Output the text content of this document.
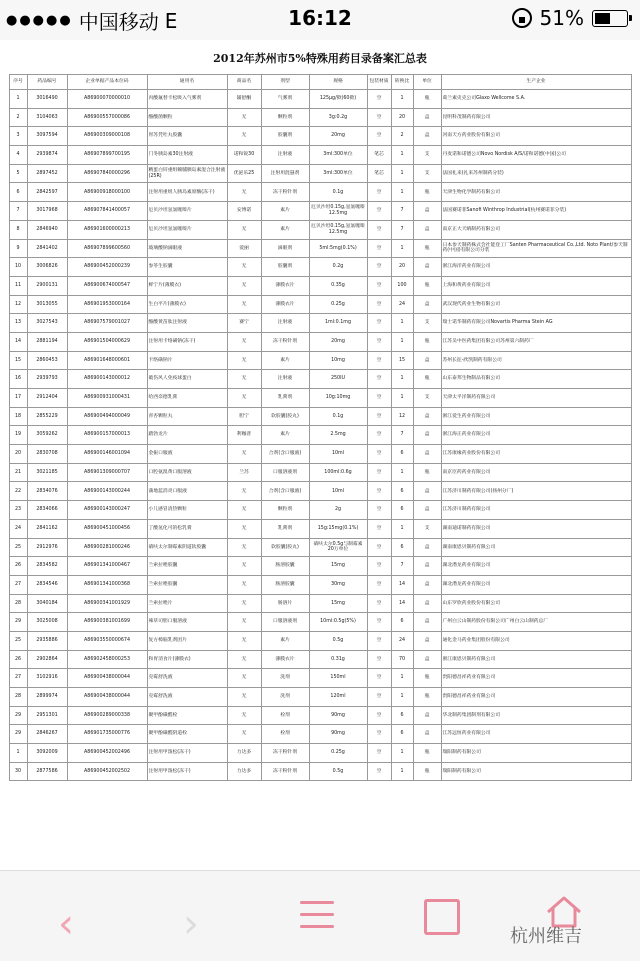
●●●●● 中国移动 E	16:12	51%
2012年苏州市5%特殊用药目录备案汇总表
序号	药品编号	企业单据产品本位码	通用名	商品名	剂型	规格	包装材质	转换比	单位	生产企业
1	3016490	A86900070000010	丙酸氟替卡松吸入气雾剂	辅舒酮	气雾剂	125μg/揿(60揿)	空	1	瓶	葛兰素史克公司Glaxo Wellcome S.A.
2	3104063	A86900557000086	酪酸菌颗粒	无	颗粒剂	3g:0.2g	空	20	盒	昆明科茂制药有限公司
3	3097594	A86900309000108	胃苏凭吐丸胶囊	无	胶囊剂	20mg	空	2	盒	河南天方药业股份有限公司
4	2939874	A86907899700195	门冬胰岛素30注射液	诺和锐30	注射液	3ml:300单位	笔芯	1	支	丹麦诺和诺德公司Novo Nordisk A/S/诺和诺德(中国)公司
5	2897452	A86907840000296	精蛋白锌重组赖脯胰岛素混合注射液(25R)	优泌乐25	注射用混悬剂	3ml:300单位	笔芯	1	支	法国礼来(礼来苏州制药分装)
6	2842597	A86900918000100	注射用重组人胰岛素原酶(冻干)	无	冻干粉针剂	0.1g	空	1	瓶	天津生物化学制药有限公司
7	3017968	A86907841400057	厄贝沙坦氢氯噻嗪片	安博诺	素片	厄贝沙坦0.15g,氢氯噻嗪12.5mg	空	7	盒	法国赛诺菲Sanofi Winthrop Industrial(杭州赛诺菲分装)
8	2846940	A86901600000213	厄贝沙坦氢氯噻嗪片	无	素片	厄贝沙坦0.15g,氢氯噻嗪12.5mg	空	7	盒	南京正大天晴制药有限公司
9	2841402	A86907899600560	玻璃酸钠滴眼液	爱丽	滴眼剂	5ml:5mg(0.1%)	空	1	瓶	日本参天制药株式会社能登工厂Santen Pharmaceutical Co.,Ltd. Noto Plant/参天制药(中国)有限公司分装
10	3006826	A86900452000239	参苓生胶囊	无	胶囊剂	0.2g	空	20	盒	浙江海洋药业有限公司
11	2900131	A86900674000547	鲜宁片(薄膜衣)	无	薄膜衣片	0.35g	空	100	瓶	上海和黄药业有限公司
12	3013055	A86901953000164	生白平片(薄膜衣)	无	薄膜衣片	0.25g	空	24	盒	武汉现代药业生物有限公司
13	3027543	A86907579001027	酪酸黄苗肽注射液	赛宁	注射液	1ml:0.1mg	空	1	支	瑞士诺华制药有限公司Novartis Pharma Stein AG
14	2881194	A86901504000629	注射用卡络磺钠(冻干)	无	冻干粉针剂	20mg	空	1	瓶	江苏吴中医药集团有限公司苏州第六制药厂
15	2860453	A86901648000601	卡络磺钠片	无	素片	10mg	空	15	盒	苏州长征-欣凯制药有限公司
16	2939793	A86900143000012	破伤风人免疫球蛋白	无	注射液	250IU	空	1	瓶	山东泰邦生物制品有限公司
17	2912404	A86900931000431	哈西奈德乳膏	无	乳膏剂	10g:10mg	空	1	支	天津太平洋制药有限公司
18	2855229	A86900494000049	青杏颗粒丸	胆宁	软胶囊(胶丸)	0.1g	空	12	盒	浙江爱生药业有限公司
19	3059262	A86900157000013	踏勃龙片	利咖普	素片	2.5mg	空	7	盒	浙江海正药业有限公司
20	2830708	A86900146001094	金振口服液	无	合剂(含口服液)	10ml	空	6	盒	江苏康缘药业股份有限公司
21	3021185	A86901309000707	口腔氨溴黄口服溶液	兰苏	口服溶液剂	100ml:0.6g	空	1	瓶	南京臣药药业有限公司
22	2834076	A86900143000244	蒲地蓝消炎口服液	无	合剂(含口服液)	10ml	空	6	盒	江苏济川制药有限公司(扬州分厂)
23	2834066	A86900143000247	小儿感冒清热颗粒	无	颗粒剂	2g	空	6	盒	江苏济川制药有限公司
24	2841162	A86900451000456	丁酸氢化可的松乳膏	无	乳膏剂	15g:15mg(0.1%)	空	1	支	湖南迪诺制药有限公司
25	2912976	A86900281000246	硝呋太尔制霉素阴道软胶囊	无	软胶囊(胶丸)	硝呋太尔0.5g与制霉素20万单位	空	6	盒	湖南康恩贝制药有限公司
26	2834582	A86901341000467	兰索拉唑胶囊	无	肠溶胶囊	15mg	空	7	盒	湖北潜龙药业有限公司
27	2834546	A86901341000368	兰索拉唑胶囊	无	肠溶胶囊	30mg	空	14	盒	湖北潜龙药业有限公司
28	3040184	A86900341001929	兰索拉唑片	无	肠溶片	15mg	空	14	盒	山东罗欣药业股份有限公司
29	3025008	A86900381001699	辣草司胆口服溶液	无	口服溶液剂	10ml:0.5g(5%)	空	6	盒	广州白云山制药股份有限公司广州白云山制药总厂
25	2935886	A86903550000674	复方樟脑乳剂团片	无	素片	0.5g	空	24	盒	通化金马药业集团股份有限公司
26	2902864	A86902458000253	和胃消食片(薄膜衣)	无	薄膜衣片	0.31g	空	70	盒	浙江康恩贝制药有限公司
27	3102916	A86900438000044	克霉舒洗液	无	洗剂	150ml	空	1	瓶	贵阳德昌祥药业有限公司
28	2899974	A86900438000044	克霉舒洗液	无	洗剂	120ml	空	1	瓶	贵阳德昌祥药业有限公司
29	2951301	A86900289000338	聚甲酚磺醛栓	无	栓剂	90mg	空	6	盒	华北制药集团制剂有限公司
29	2846267	A86901735000776	聚甲酚磺醛阴道栓	无	栓剂	90mg	空	6	盒	江苏远恒药业有限公司
1	3092009	A86900452002496	注射用甲泼松(冻干)	力达多	冻干粉针剂	0.25g	空	1	瓶	瑞阳制药有限公司
30	2877586	A86900452002502	注射用甲泼松(冻干)	力达多	冻干粉针剂	0.5g	空	1	瓶	瑞阳制药有限公司
‹	›	杭州维吉
